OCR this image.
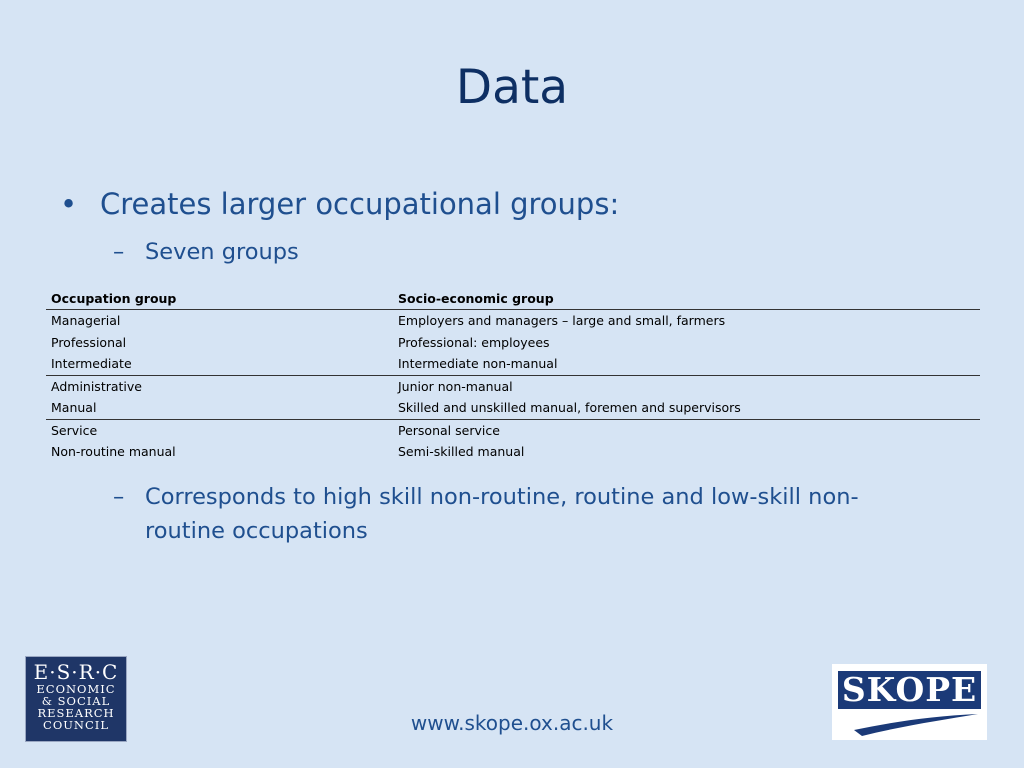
Data
• Creates larger occupational groups:
– Seven groups
Occupation group	Socio-economic group
Managerial	Employers and managers – large and small, farmers
Professional	Professional: employees
Intermediate	Intermediate non-manual
Administrative	Junior non-manual
Manual	Skilled and unskilled manual, foremen and supervisors
Service	Personal service
Non-routine manual	Semi-skilled manual
– Corresponds to high skill non-routine, routine and low-skill non-routine occupations
E·S·R·C
ECONOMIC
& SOCIAL
RESEARCH
COUNCIL	www.skope.ox.ac.uk
SKOPE
